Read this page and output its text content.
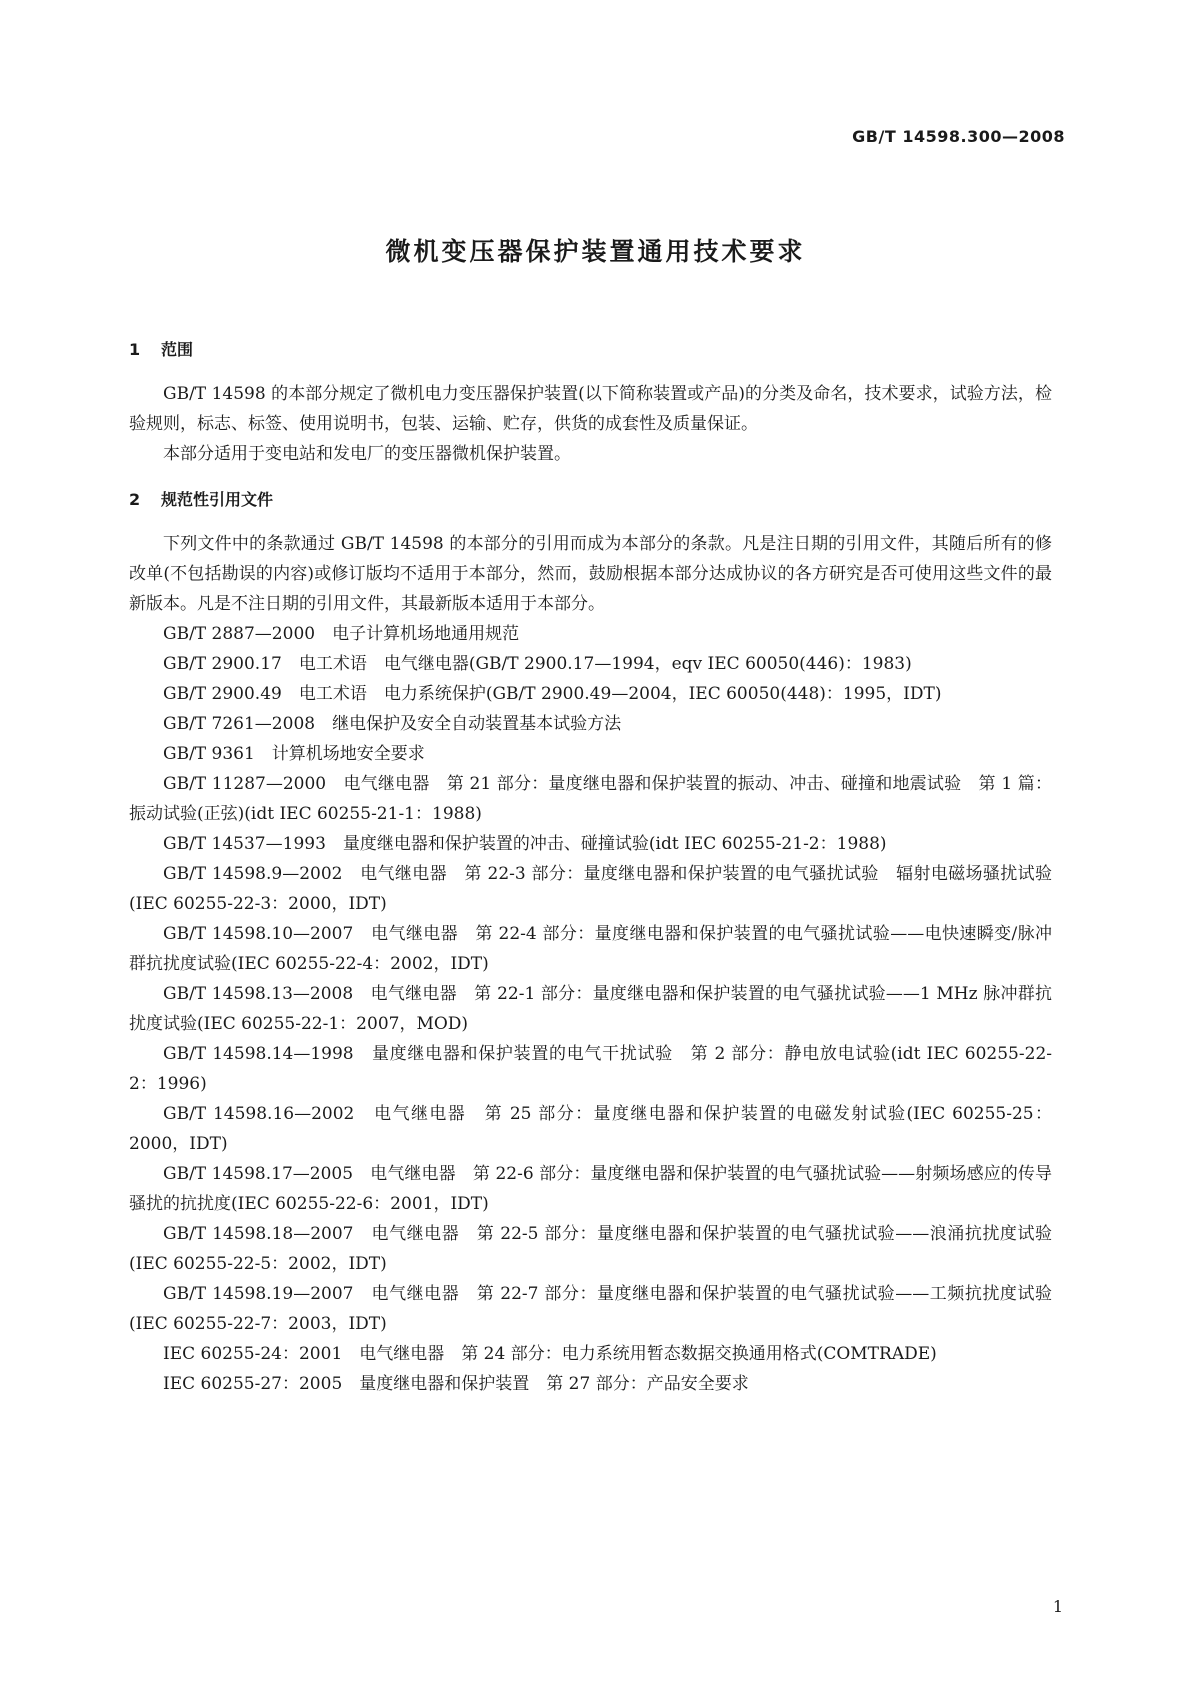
GB/T 14598.300—2008
微机变压器保护装置通用技术要求
1 范围

GB/T 14598 的本部分规定了微机电力变压器保护装置(以下简称装置或产品)的分类及命名，技术要求，试验方法，检验规则，标志、标签、使用说明书，包装、运输、贮存，供货的成套性及质量保证。

本部分适用于变电站和发电厂的变压器微机保护装置。

2 规范性引用文件

下列文件中的条款通过 GB/T 14598 的本部分的引用而成为本部分的条款。凡是注日期的引用文件，其随后所有的修改单(不包括勘误的内容)或修订版均不适用于本部分，然而，鼓励根据本部分达成协议的各方研究是否可使用这些文件的最新版本。凡是不注日期的引用文件，其最新版本适用于本部分。

GB/T 2887—2000　电子计算机场地通用规范
GB/T 2900.17　电工术语　电气继电器(GB/T 2900.17—1994，eqv IEC 60050(446)：1983)
GB/T 2900.49　电工术语　电力系统保护(GB/T 2900.49—2004，IEC 60050(448)：1995，IDT)
GB/T 7261—2008　继电保护及安全自动装置基本试验方法
GB/T 9361　计算机场地安全要求
GB/T 11287—2000　电气继电器　第 21 部分：量度继电器和保护装置的振动、冲击、碰撞和地震试验　第 1 篇：振动试验(正弦)(idt IEC 60255-21-1：1988)
GB/T 14537—1993　量度继电器和保护装置的冲击、碰撞试验(idt IEC 60255-21-2：1988)
GB/T 14598.9—2002　电气继电器　第 22-3 部分：量度继电器和保护装置的电气骚扰试验　辐射电磁场骚扰试验(IEC 60255-22-3：2000，IDT)
GB/T 14598.10—2007　电气继电器　第 22-4 部分：量度继电器和保护装置的电气骚扰试验——电快速瞬变/脉冲群抗扰度试验(IEC 60255-22-4：2002，IDT)
GB/T 14598.13—2008　电气继电器　第 22-1 部分：量度继电器和保护装置的电气骚扰试验——1 MHz 脉冲群抗扰度试验(IEC 60255-22-1：2007，MOD)
GB/T 14598.14—1998　量度继电器和保护装置的电气干扰试验　第 2 部分：静电放电试验(idt IEC 60255-22-2：1996)
GB/T 14598.16—2002　电气继电器　第 25 部分：量度继电器和保护装置的电磁发射试验(IEC 60255-25：2000，IDT)
GB/T 14598.17—2005　电气继电器　第 22-6 部分：量度继电器和保护装置的电气骚扰试验——射频场感应的传导骚扰的抗扰度(IEC 60255-22-6：2001，IDT)
GB/T 14598.18—2007　电气继电器　第 22-5 部分：量度继电器和保护装置的电气骚扰试验——浪涌抗扰度试验(IEC 60255-22-5：2002，IDT)
GB/T 14598.19—2007　电气继电器　第 22-7 部分：量度继电器和保护装置的电气骚扰试验——工频抗扰度试验(IEC 60255-22-7：2003，IDT)
IEC 60255-24：2001　电气继电器　第 24 部分：电力系统用暂态数据交换通用格式(COMTRADE)
IEC 60255-27：2005　量度继电器和保护装置　第 27 部分：产品安全要求
1
